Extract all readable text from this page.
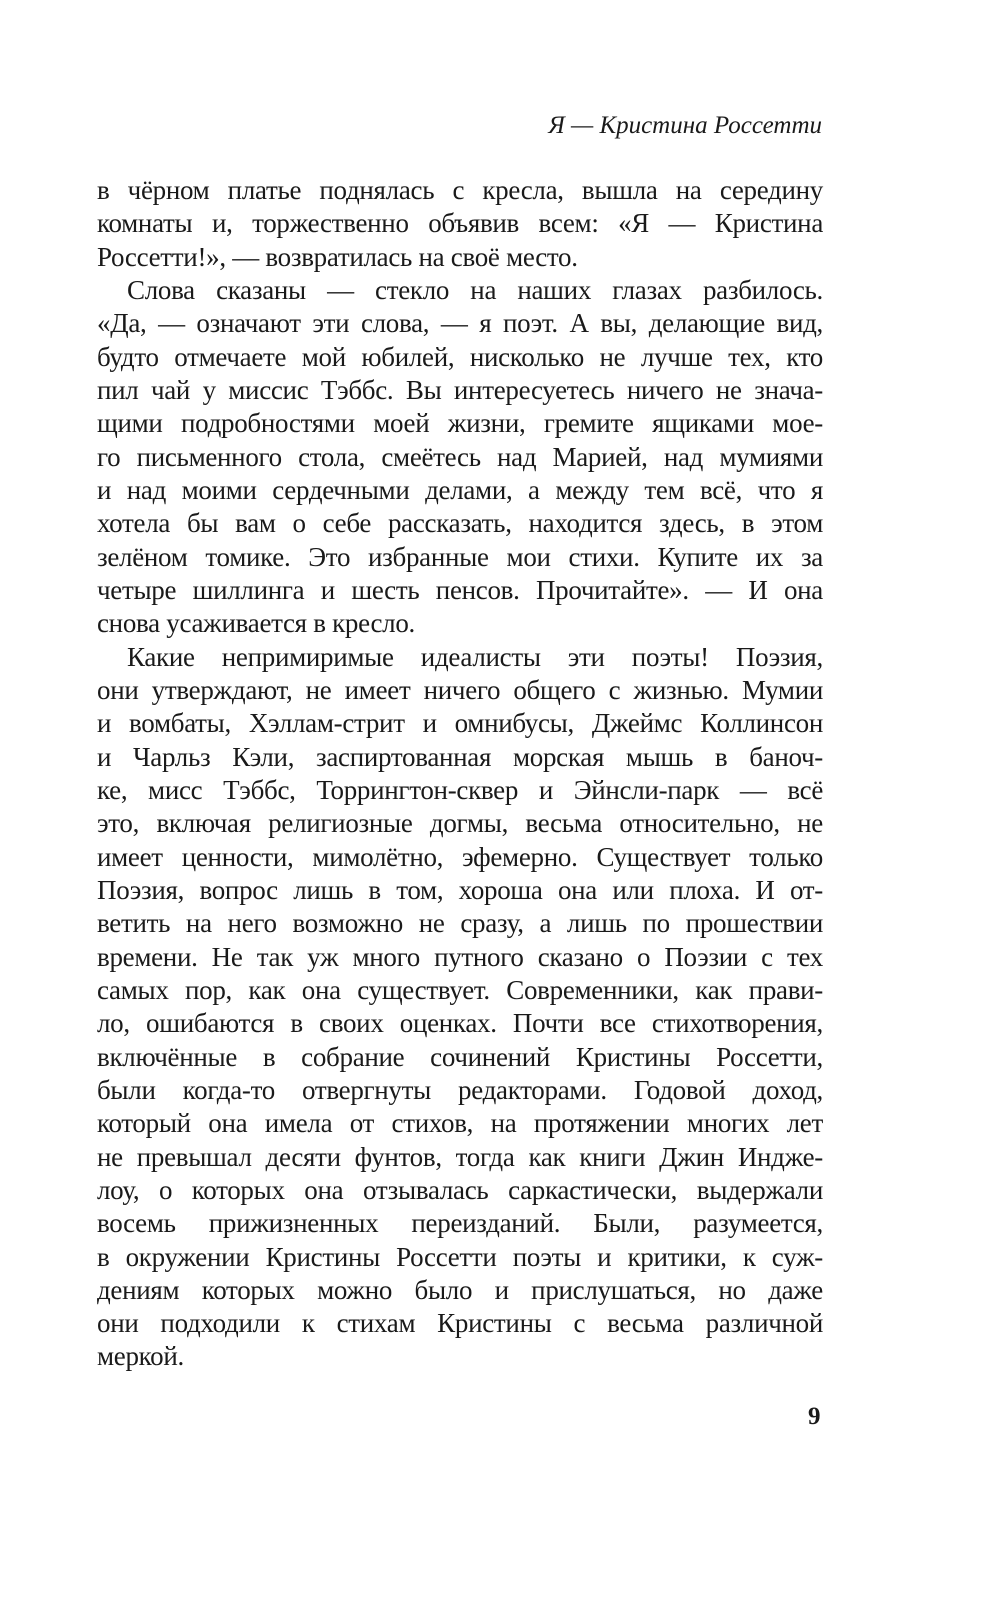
Я — Кристина Россетти
в чёрном платье поднялась с кресла, вышла на середину
комнаты и, торжественно объявив всем: «Я — Кристина
Россетти!», — возвратилась на своё место.
Слова сказаны — стекло на наших глазах разбилось.
«Да, — означают эти слова, — я поэт. А вы, делающие вид,
будто отмечаете мой юбилей, нисколько не лучше тех, кто
пил чай у миссис Тэббс. Вы интересуетесь ничего не знача-
щими подробностями моей жизни, гремите ящиками мое-
го письменного стола, смеётесь над Марией, над мумиями
и над моими сердечными делами, а между тем всё, что я
хотела бы вам о себе рассказать, находится здесь, в этом
зелёном томике. Это избранные мои стихи. Купите их за
четыре шиллинга и шесть пенсов. Прочитайте». — И она
снова усаживается в кресло.
Какие непримиримые идеалисты эти поэты! Поэзия,
они утверждают, не имеет ничего общего с жизнью. Мумии
и вомбаты, Хэллам-стрит и омнибусы, Джеймс Коллинсон
и Чарльз Кэли, заспиртованная морская мышь в баноч-
ке, мисс Тэббс, Торрингтон-сквер и Эйнсли-парк — всё
это, включая религиозные догмы, весьма относительно, не
имеет ценности, мимолётно, эфемерно. Существует только
Поэзия, вопрос лишь в том, хороша она или плоха. И от-
ветить на него возможно не сразу, а лишь по прошествии
времени. Не так уж много путного сказано о Поэзии с тех
самых пор, как она существует. Современники, как прави-
ло, ошибаются в своих оценках. Почти все стихотворения,
включённые в собрание сочинений Кристины Россетти,
были когда-то отвергнуты редакторами. Годовой доход,
который она имела от стихов, на протяжении многих лет
не превышал десяти фунтов, тогда как книги Джин Индже-
лоу, о которых она отзывалась саркастически, выдержали
восемь прижизненных переизданий. Были, разумеется,
в окружении Кристины Россетти поэты и критики, к суж-
дениям которых можно было и прислушаться, но даже
они подходили к стихам Кристины с весьма различной
меркой.
9
